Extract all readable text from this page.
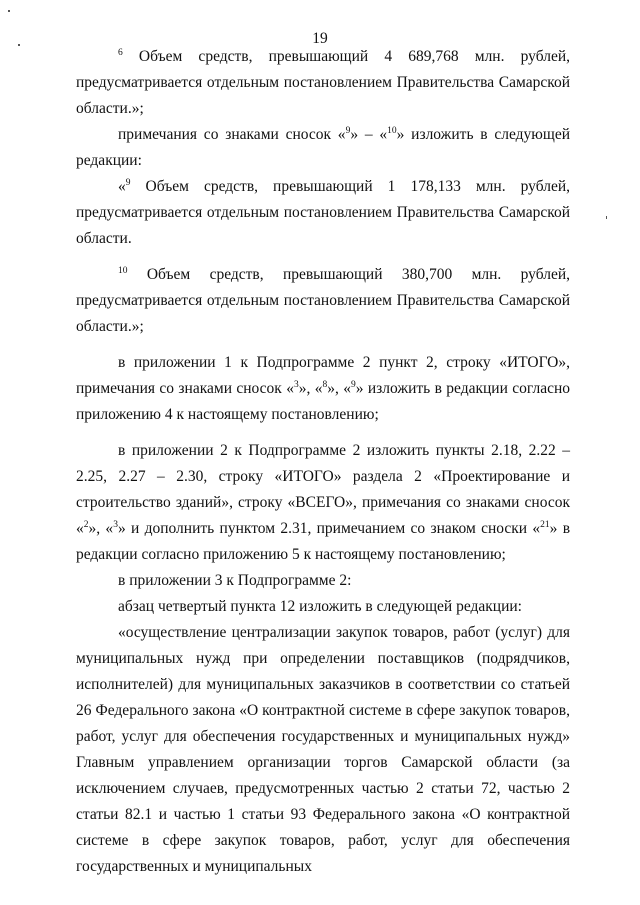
19

$^6$ Объем средств, превышающий 4 689,768 млн. рублей, предусматривается отдельным постановлением Правительства Самарской области.»;

примечания со знаками сносок «$^9$» – «$^{10}$» изложить в следующей редакции:

«$^9$ Объем средств, превышающий 1 178,133 млн. рублей, предусматривается отдельным постановлением Правительства Самарской области.

$^{10}$ Объем средств, превышающий 380,700 млн. рублей, предусматривается отдельным постановлением Правительства Самарской области.»;

в приложении 1 к Подпрограмме 2 пункт 2, строку «ИТОГО», примечания со знаками сносок «$^3$», «$^8$», «$^9$» изложить в редакции согласно приложению 4 к настоящему постановлению;

в приложении 2 к Подпрограмме 2 изложить пункты 2.18, 2.22 – 2.25, 2.27 – 2.30, строку «ИТОГО» раздела 2 «Проектирование и строительство зданий», строку «ВСЕГО», примечания со знаками сносок «$^2$», «$^3$» и дополнить пунктом 2.31, примечанием со знаком сноски «$^{21}$» в редакции согласно приложению 5 к настоящему постановлению;

в приложении 3 к Подпрограмме 2:

абзац четвертый пункта 12 изложить в следующей редакции:

«осуществление централизации закупок товаров, работ (услуг) для муниципальных нужд при определении поставщиков (подрядчиков, исполнителей) для муниципальных заказчиков в соответствии со статьей 26 Федерального закона «О контрактной системе в сфере закупок товаров, работ, услуг для обеспечения государственных и муниципальных нужд» Главным управлением организации торгов Самарской области (за исключением случаев, предусмотренных частью 2 статьи 72, частью 2 статьи 82.1 и частью 1 статьи 93 Федерального закона «О контрактной системе в сфере закупок товаров, работ, услуг для обеспечения государственных и муниципальных
